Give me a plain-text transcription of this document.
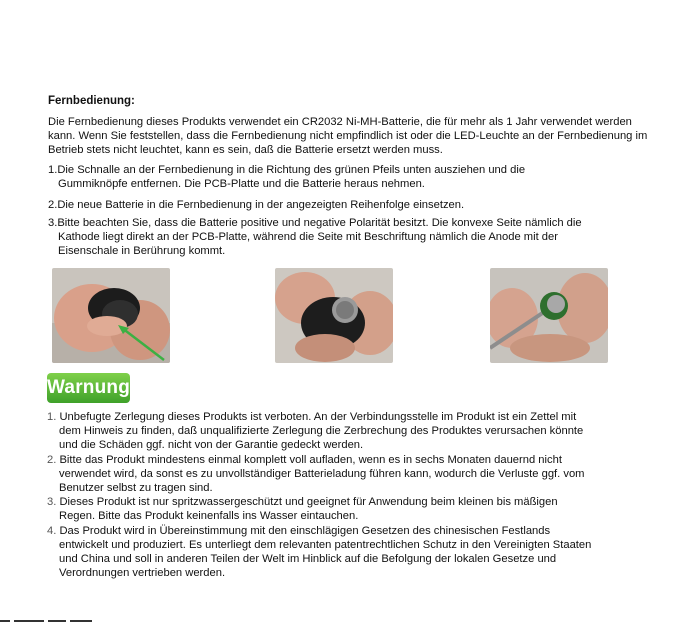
Fernbedienung:

Die Fernbedienung dieses Produkts verwendet ein CR2032 Ni-MH-Batterie, die für mehr als 1 Jahr verwendet werden kann. Wenn Sie feststellen, dass die Fernbedienung nicht empfindlich ist oder die LED-Leuchte an der Fernbedienung im Betrieb stets nicht leuchtet, kann es sein, daß die Batterie ersetzt werden muss.

1.Die Schnalle an der Fernbedienung in die Richtung des grünen Pfeils unten ausziehen und die
Gummiknöpfe entfernen. Die PCB-Platte und die Batterie heraus nehmen.
2.Die neue Batterie in die Fernbedienung in der angezeigten Reihenfolge einsetzen.
3.Bitte beachten Sie, dass die Batterie positive und negative Polarität besitzt. Die konvexe Seite nämlich die
Kathode liegt direkt an der PCB-Platte, während die Seite mit Beschriftung nämlich die Anode mit der
Eisenschale in Berührung kommt.
Warnung
1. Unbefugte Zerlegung dieses Produkts ist verboten. An der Verbindungsstelle im Produkt ist ein Zettel mit
dem Hinweis zu finden, daß unqualifizierte Zerlegung die Zerbrechung des Produktes verursachen könnte
und die Schäden ggf. nicht von der Garantie gedeckt werden.
2. Bitte das Produkt mindestens einmal komplett voll aufladen, wenn es in sechs Monaten dauernd nicht
verwendet wird, da sonst es zu unvollständiger Batterieladung führen kann, wodurch die Verluste ggf. vom
Benutzer selbst zu tragen sind.
3. Dieses Produkt ist nur spritzwassergeschützt und geeignet für Anwendung beim kleinen bis mäßigen
Regen. Bitte das Produkt keinenfalls ins Wasser eintauchen.
4. Das Produkt wird in Übereinstimmung mit den einschlägigen Gesetzen des chinesischen Festlands
entwickelt und produziert. Es unterliegt dem relevanten patentrechtlichen Schutz in den Vereinigten Staaten
und China und soll in anderen Teilen der Welt im Hinblick auf die Befolgung der lokalen Gesetze und
Verordnungen vertrieben werden.
